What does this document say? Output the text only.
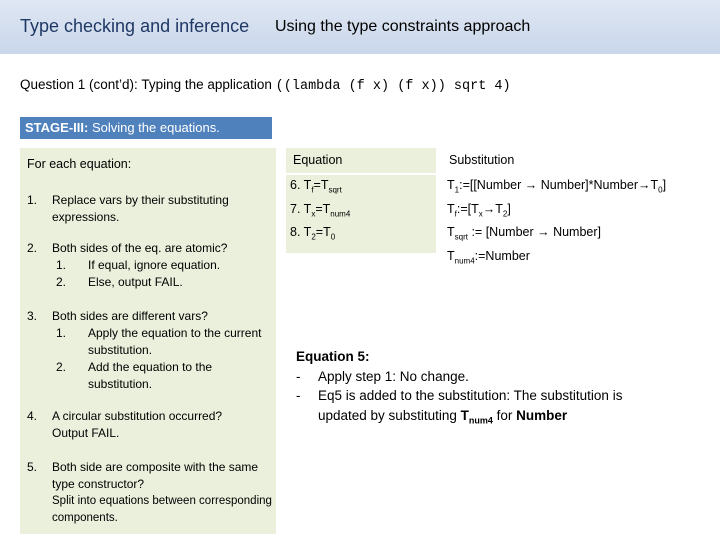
Type checking and inference Using the type constraints approach
Question 1 (cont’d): Typing the application ((lambda (f x) (f x)) sqrt 4)
STAGE-III: Solving the equations.
For each equation:
1. Replace vars by their substituting expressions.
2. Both sides of the eq. are atomic?
1. If equal, ignore equation.
2. Else, output FAIL.
3. Both sides are different vars?
1. Apply the equation to the current substitution.
2. Add the equation to the substitution.
4. A circular substitution occurred? Output FAIL.
5. Both side are composite with the same type constructor?
Split into equations between corresponding components.
Equation	Substitution
6. $T_f=T_{sqrt}$
7. $T_x=T_{num4}$
8. $T_2=T_0$
$T_1:=[[Number$ → $Number]*Number\to T_0$]
$T_f:=[T_x\to T_2]$
$T_{sqrt}$ := [Number → Number]
$T_{num4}:=Number$
Equation 5:
- Apply step 1: No change.
- Eq5 is added to the substitution: The substitution is updated by substituting $T_{num4}$ for Number
